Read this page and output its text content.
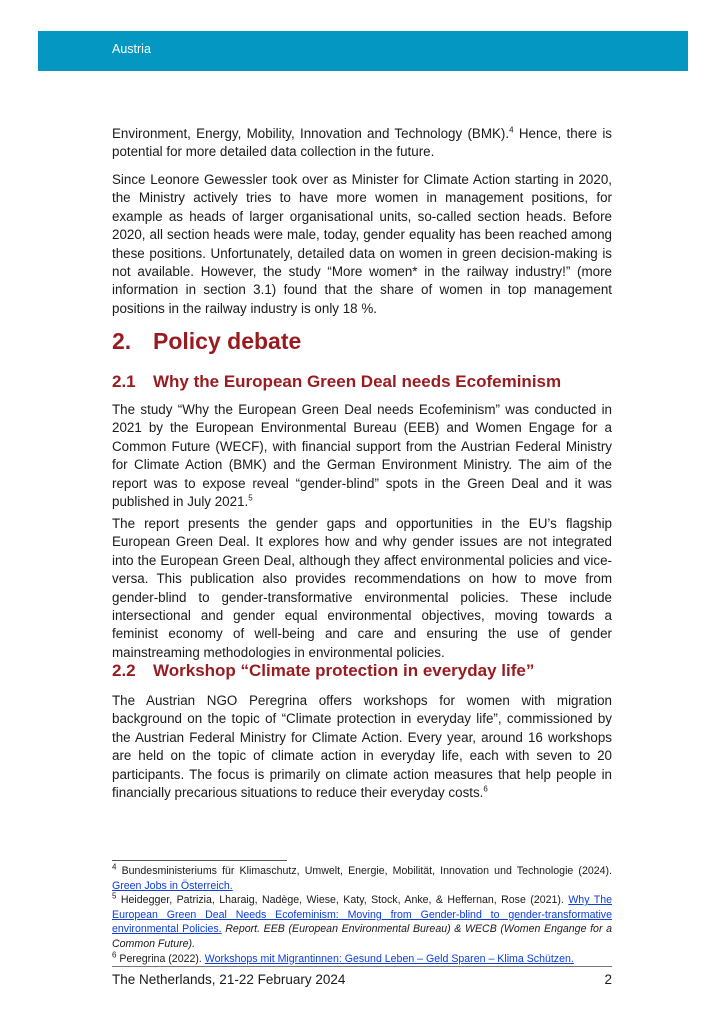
Austria

Environment, Energy, Mobility, Innovation and Technology (BMK).$^4$ Hence, there is potential for more detailed data collection in the future.

Since Leonore Gewessler took over as Minister for Climate Action starting in 2020, the Ministry actively tries to have more women in management positions, for example as heads of larger organisational units, so-called section heads. Before 2020, all section heads were male, today, gender equality has been reached among these positions. Unfortunately, detailed data on women in green decision-making is not available. However, the study “More women* in the railway industry!” (more information in section 3.1) found that the share of women in top management positions in the railway industry is only 18 %.

2. Policy debate
2.1 Why the European Green Deal needs Ecofeminism

The study “Why the European Green Deal needs Ecofeminism” was conducted in 2021 by the European Environmental Bureau (EEB) and Women Engage for a Common Future (WECF), with financial support from the Austrian Federal Ministry for Climate Action (BMK) and the German Environment Ministry. The aim of the report was to expose reveal “gender-blind” spots in the Green Deal and it was published in July 2021.$^5$

The report presents the gender gaps and opportunities in the EU’s flagship European Green Deal. It explores how and why gender issues are not integrated into the European Green Deal, although they affect environmental policies and vice-versa. This publication also provides recommendations on how to move from gender-blind to gender-transformative environmental policies. These include intersectional and gender equal environmental objectives, moving towards a feminist economy of well-being and care and ensuring the use of gender mainstreaming methodologies in environmental policies.

2.2 Workshop “Climate protection in everyday life”

The Austrian NGO Peregrina offers workshops for women with migration background on the topic of “Climate protection in everyday life”, commissioned by the Austrian Federal Ministry for Climate Action. Every year, around 16 workshops are held on the topic of climate action in everyday life, each with seven to 20 participants. The focus is primarily on climate action measures that help people in financially precarious situations to reduce their everyday costs.$^6$

$^4$ Bundesministeriums für Klimaschutz, Umwelt, Energie, Mobilität, Innovation und Technologie (2024). Green Jobs in Österreich.

$^5$ Heidegger, Patrizia, Lharaig, Nadège, Wiese, Katy, Stock, Anke, & Heffernan, Rose (2021). Why The European Green Deal Needs Ecofeminism: Moving from Gender-blind to gender-transformative environmental Policies. Report. EEB (European Environmental Bureau) & WECB (Women Engange for a Common Future).

$^6$ Peregrina (2022). Workshops mit Migrantinnen: Gesund Leben – Geld Sparen – Klima Schützen.

The Netherlands, 21-22 February 2024	2
